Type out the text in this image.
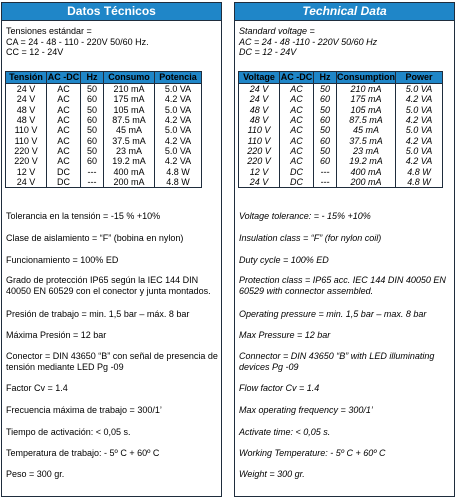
Datos Técnicos
Tensiones estándar =
CA = 24 - 48 - 110 - 220V 50/60 Hz.
CC = 12 - 24V
Tensión	AC -DC	Hz	Consumo	Potencia
24 V	AC	50	210 mA	5.0 VA
24 V	AC	60	175 mA	4.2 VA
48 V	AC	50	105 mA	5.0 VA
48 V	AC	60	87.5 mA	4.2 VA
110 V	AC	50	45 mA	5.0 VA
110 V	AC	60	37.5 mA	4.2 VA
220 V	AC	50	23 mA	5.0 VA
220 V	AC	60	19.2 mA	4.2 VA
12 V	DC	---	400 mA	4.8 W
24 V	DC	---	200 mA	4.8 W
Tolerancia en la tensión = -15 % +10%
Clase de aislamiento = “F” (bobina en nylon)
Funcionamiento = 100% ED
Grado de protección IP65 según la IEC 144 DIN 40050 EN 60529 con el conector y junta montados.
Presión de trabajo = min. 1,5 bar – máx. 8 bar
Máxima Presión = 12 bar
Conector = DIN 43650 “B” con señal de presencia de tensión mediante LED Pg -09
Factor Cv = 1.4
Frecuencia máxima de trabajo = 300/1’
Tiempo de activación: < 0,05 s.
Temperatura de trabajo: - 5º C + 60º C
Peso = 300 gr.
Technical Data
Standard voltage =
AC = 24 - 48 -110 - 220V 50/60 Hz
DC = 12 - 24V
Voltage	AC -DC	Hz	Consumption	Power
24 V	AC	50	210 mA	5.0 VA
24 V	AC	60	175 mA	4.2 VA
48 V	AC	50	105 mA	5.0 VA
48 V	AC	60	87.5 mA	4.2 VA
110 V	AC	50	45 mA	5.0 VA
110 V	AC	60	37.5 mA	4.2 VA
220 V	AC	50	23 mA	5.0 VA
220 V	AC	60	19.2 mA	4.2 VA
12 V	DC	---	400 mA	4.8 W
24 V	DC	---	200 mA	4.8 W
Voltage tolerance: = - 15% +10%
Insulation class = “F” (for nylon coil)
Duty cycle = 100% ED
Protection class = IP65 acc. IEC 144 DIN 40050 EN 60529 with connector assembled.
Operating pressure = min. 1,5 bar – max. 8 bar
Max Pressure = 12 bar
Connector = DIN 43650 “B” with LED illuminating devices Pg -09
Flow factor Cv = 1.4
Max operating frequency = 300/1’
Activate time: < 0,05 s.
Working Temperature: - 5º C + 60º C
Weight = 300 gr.
